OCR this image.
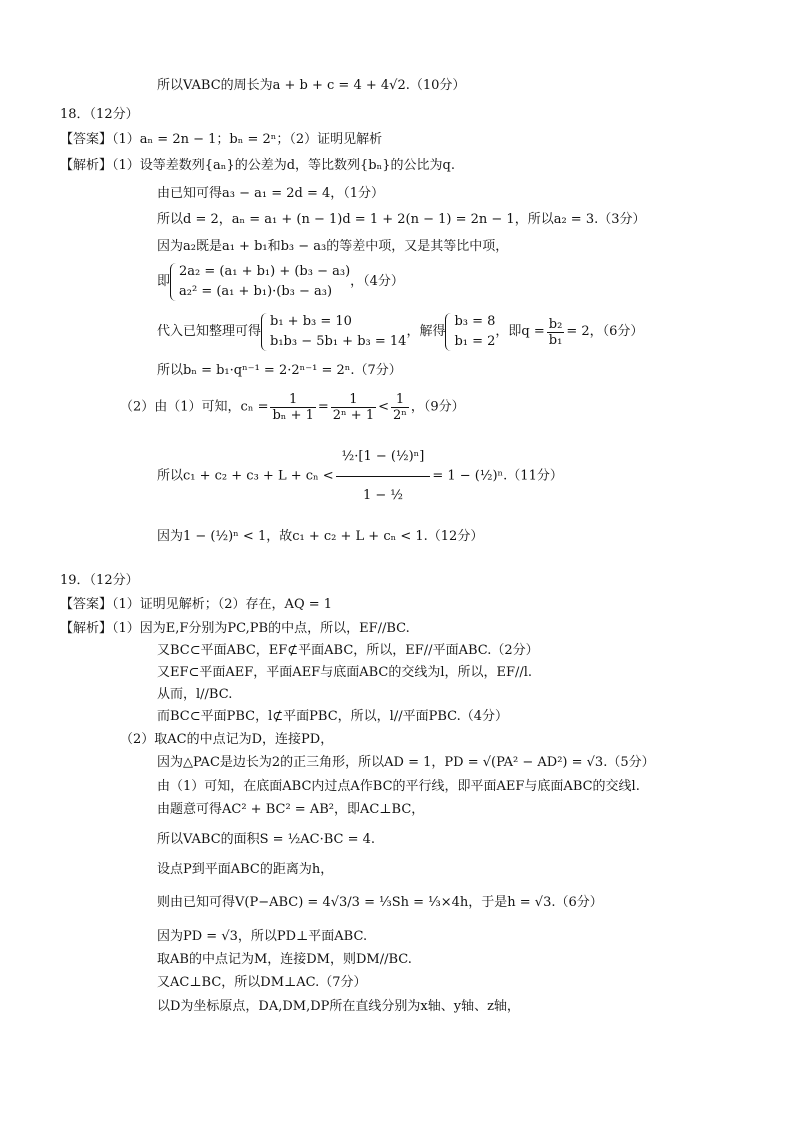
所以VABC的周长为a + b + c = 4 + 4√2.（10分）
18．（12分）
【答案】（1）aₙ = 2n − 1；bₙ = 2ⁿ；（2）证明见解析
【解析】（1）设等差数列{aₙ}的公差为d，等比数列{bₙ}的公比为q.
由已知可得a₃ − a₁ = 2d = 4，（1分）
所以d = 2，aₙ = a₁ + (n − 1)d = 1 + 2(n − 1) = 2n − 1，所以a₂ = 3.（3分）
因为a₂既是a₁ + b₁和b₃ − a₃的等差中项，又是其等比中项，
即
2a₂ = (a₁ + b₁) + (b₃ − a₃)
a₂² = (a₁ + b₁)·(b₃ − a₃)
，（4分）
代入已知整理可得
b₁ + b₃ = 10
b₁b₃ − 5b₁ + b₃ = 14
，解得
b₃ = 8
b₁ = 2
，即$q = \frac{\text{b₂}}{\text{b₁}} = 2$，（6分）
所以bₙ = b₁·qⁿ⁻¹ = 2·2ⁿ⁻¹ = 2ⁿ.（7分）
（2）由（1）可知，$c_n = \frac{1}{\text{bₙ + 1}} = \frac{1}{\text{2ⁿ + 1}} < \frac{1}{\text{2ⁿ}}$ ，（9分）
所以$c_1 + c_2 + c_3 + L + c_n < \frac{\text{½·[1 − (½)ⁿ]}}{\text{1 − ½}} = 1$ − (½)ⁿ.（11分）
因为1 − (½)ⁿ < 1，故c₁ + c₂ + L + cₙ < 1.（12分）
19．（12分）
【答案】（1）证明见解析；（2）存在，AQ = 1
【解析】（1）因为E,F分别为PC,PB的中点，所以，EF//BC.
又BC⊂平面ABC，EF⊄平面ABC，所以，EF//平面ABC.（2分）
又EF⊂平面AEF，平面AEF与底面ABC的交线为l，所以，EF//l.
从而，l//BC.
而BC⊂平面PBC，l⊄平面PBC，所以，l//平面PBC.（4分）
（2）取AC的中点记为D，连接PD，
因为△PAC是边长为2的正三角形，所以AD = 1，PD = √(PA² − AD²) = √3.（5分）
由（1）可知，在底面ABC内过点A作BC的平行线，即平面AEF与底面ABC的交线l.
由题意可得AC² + BC² = AB²，即AC⊥BC，
所以VABC的面积S = ½AC·BC = 4.
设点P到平面ABC的距离为h，
则由已知可得V(P−ABC) = 4√3/3 = ⅓Sh = ⅓×4h，于是h = √3.（6分）
因为PD = √3，所以PD⊥平面ABC.
取AB的中点记为M，连接DM，则DM//BC.
又AC⊥BC，所以DM⊥AC.（7分）
以D为坐标原点，DA,DM,DP所在直线分别为x轴、y轴、z轴，
